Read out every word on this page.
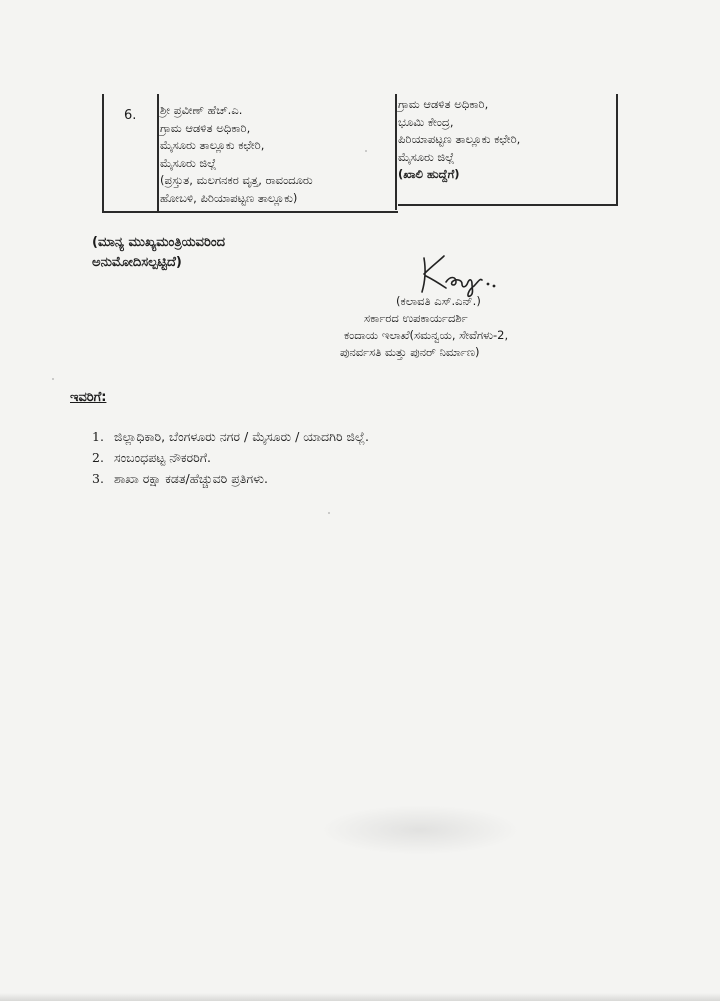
6. ಶ್ರೀ ಪ್ರವೀಣ್ ಹೆಚ್.ಎ.
ಗ್ರಾಮ ಆಡಳಿತ ಅಧಿಕಾರಿ,
ಮೈಸೂರು ತಾಲ್ಲೂಕು ಕಛೇರಿ,
ಮೈಸೂರು ಜಿಲ್ಲೆ
(ಪ್ರಸ್ತುತ, ಮಲಗನಕರ ವೃತ್ತ, ರಾವಂದೂರು
ಹೋಬಳಿ, ಪಿರಿಯಾಪಟ್ಟಣ ತಾಲ್ಲೂಕು)
ಗ್ರಾಮ ಆಡಳಿತ ಅಧಿಕಾರಿ,
ಭೂಮಿ ಕೇಂದ್ರ,
ಪಿರಿಯಾಪಟ್ಟಣ ತಾಲ್ಲೂಕು ಕಛೇರಿ,
ಮೈಸೂರು ಜಿಲ್ಲೆ
(ಖಾಲಿ ಹುದ್ದೆಗೆ)
(ಮಾನ್ಯ ಮುಖ್ಯಮಂತ್ರಿಯವರಿಂದ
ಅನುಮೋದಿಸಲ್ಪಟ್ಟಿದೆ)
(ಕಲಾವತಿ ಎಸ್.ಎನ್.)
ಸರ್ಕಾರದ ಉಪಕಾರ್ಯದರ್ಶಿ
ಕಂದಾಯ ಇಲಾಖೆ(ಸಮನ್ವಯ, ಸೇವೆಗಳು-2,
ಪುನರ್ವಸತಿ ಮತ್ತು ಪುನರ್ ನಿರ್ಮಾಣ)
ಇವರಿಗೆ:
1. ಜಿಲ್ಲಾಧಿಕಾರಿ, ಬೆಂಗಳೂರು ನಗರ / ಮೈಸೂರು / ಯಾದಗಿರಿ ಜಿಲ್ಲೆ.
2. ಸಂಬಂಧಪಟ್ಟ ನೌಕರರಿಗೆ.
3. ಶಾಖಾ ರಕ್ಷಾ ಕಡತ/ಹೆಚ್ಚುವರಿ ಪ್ರತಿಗಳು.
